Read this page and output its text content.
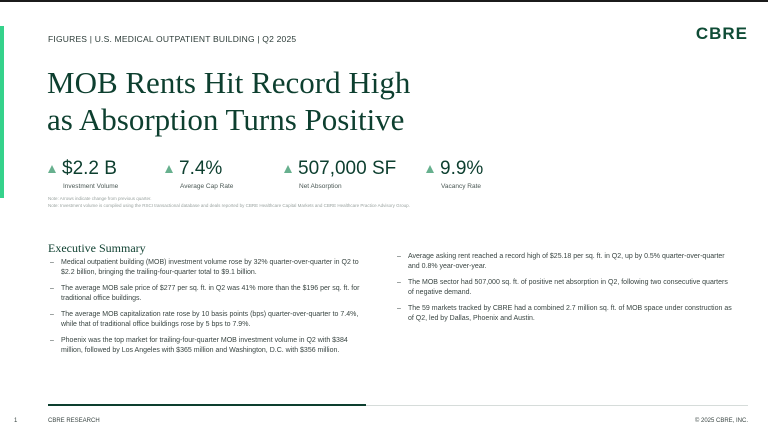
FIGURES | U.S. MEDICAL OUTPATIENT BUILDING | Q2 2025	CBRE
MOB Rents Hit Record High
as Absorption Turns Positive
$2.2 B
Investment Volume
7.4%
Average Cap Rate
507,000 SF
Net Absorption
9.9%
Vacancy Rate
Note: Arrows indicate change from previous quarter.
Note: Investment volume is compiled using the RSCI transactional database and deals reported by CBRE Healthcare Capital Markets and CBRE Healthcare Practice Advisory Group.
Executive Summary
– Medical outpatient building (MOB) investment volume rose by 32% quarter-over-quarter in Q2 to $2.2 billion, bringing the trailing-four-quarter total to $9.1 billion.
– The average MOB sale price of $277 per sq. ft. in Q2 was 41% more than the $196 per sq. ft. for traditional office buildings.
– The average MOB capitalization rate rose by 10 basis points (bps) quarter-over-quarter to 7.4%, while that of traditional office buildings rose by 5 bps to 7.9%.
– Phoenix was the top market for trailing-four-quarter MOB investment volume in Q2 with $384 million, followed by Los Angeles with $365 million and Washington, D.C. with $356 million.
– Average asking rent reached a record high of $25.18 per sq. ft. in Q2, up by 0.5% quarter-over-quarter and 0.8% year-over-year.
– The MOB sector had 507,000 sq. ft. of positive net absorption in Q2, following two consecutive quarters of negative demand.
– The 59 markets tracked by CBRE had a combined 2.7 million sq. ft. of MOB space under construction as of Q2, led by Dallas, Phoenix and Austin.
1	CBRE RESEARCH	© 2025 CBRE, INC.
